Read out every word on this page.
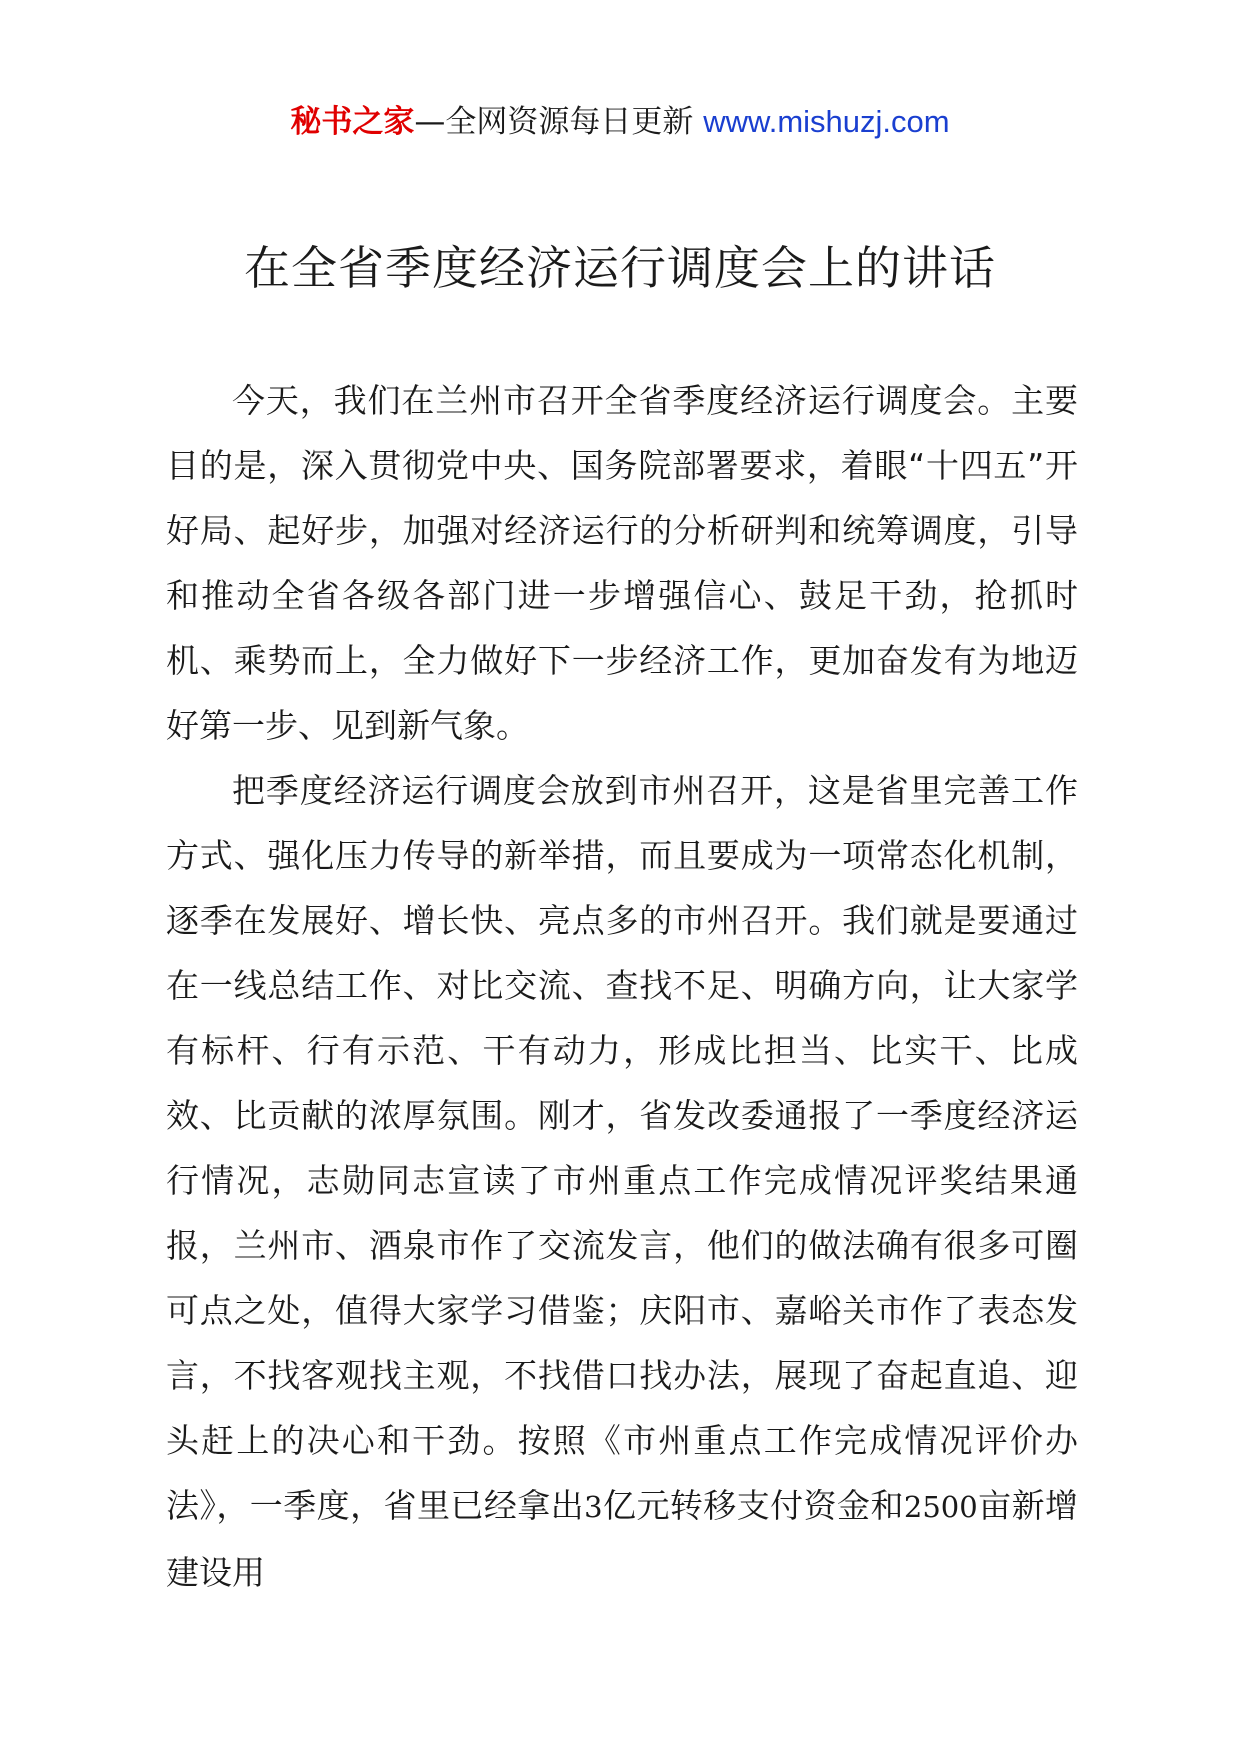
秘书之家—全网资源每日更新 www.mishuzj.com
在全省季度经济运行调度会上的讲话

今天，我们在兰州市召开全省季度经济运行调度会。主要目的是，深入贯彻党中央、国务院部署要求，着眼“十四五”开好局、起好步，加强对经济运行的分析研判和统筹调度，引导和推动全省各级各部门进一步增强信心、鼓足干劲，抢抓时机、乘势而上，全力做好下一步经济工作，更加奋发有为地迈好第一步、见到新气象。

把季度经济运行调度会放到市州召开，这是省里完善工作方式、强化压力传导的新举措，而且要成为一项常态化机制，逐季在发展好、增长快、亮点多的市州召开。我们就是要通过在一线总结工作、对比交流、查找不足、明确方向，让大家学有标杆、行有示范、干有动力，形成比担当、比实干、比成效、比贡献的浓厚氛围。刚才，省发改委通报了一季度经济运行情况，志勋同志宣读了市州重点工作完成情况评奖结果通报，兰州市、酒泉市作了交流发言，他们的做法确有很多可圈可点之处，值得大家学习借鉴；庆阳市、嘉峪关市作了表态发言，不找客观找主观，不找借口找办法，展现了奋起直追、迎头赶上的决心和干劲。按照《市州重点工作完成情况评价办法》，一季度，省里已经拿出3亿元转移支付资金和2500亩新增建设用
